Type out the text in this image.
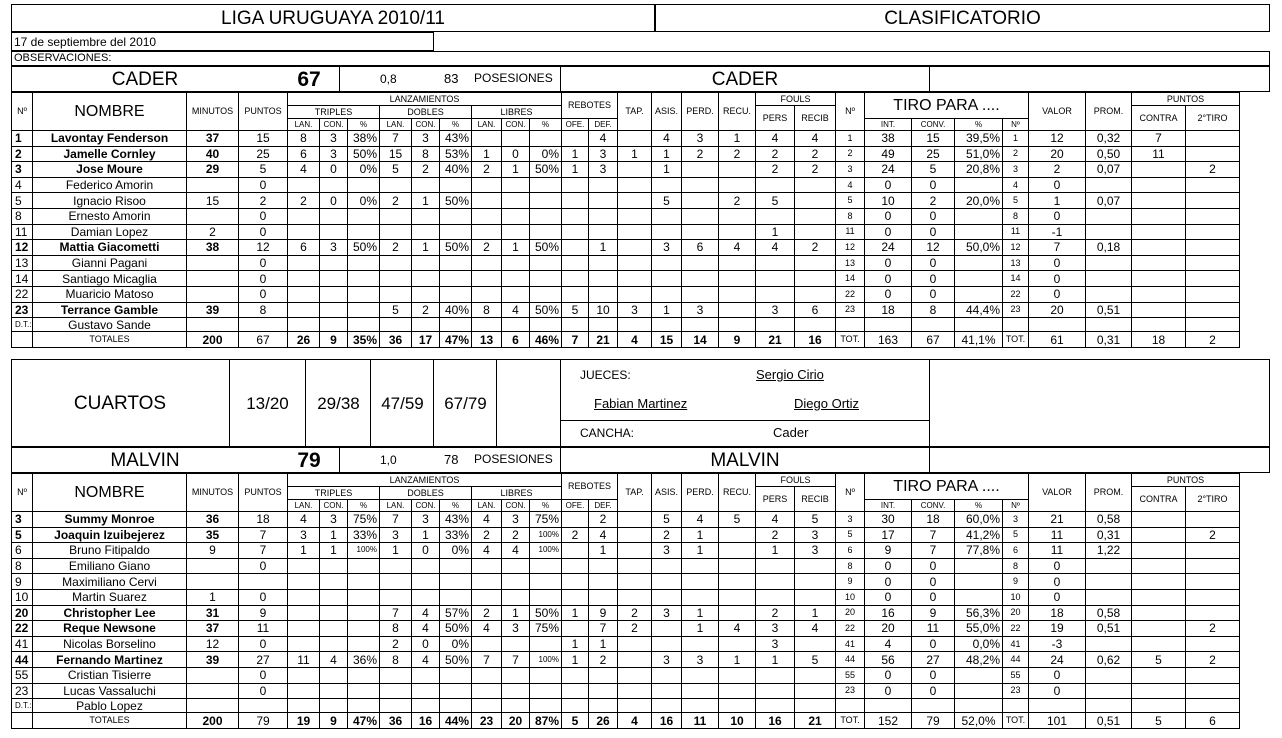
LIGA URUGUAYA 2010/11	CLASIFICATORIO
17 de septiembre del 2010
OBSERVACIONES:
CADER	67	0,8	83 POSESIONES	CADER
MALVIN	79	1,0	78 POSESIONES	MALVIN
CUARTOS	13/20	29/38	47/59	67/79
JUECES:	Sergio Cirio
Fabian Martinez	Diego Ortiz
CANCHA:	Cader
Nº	NOMBRE	MINUTOS	PUNTOS	LANZAMIENTOS									REBOTES		TAP.	ASIS.	PERD.	RECU.	FOULS		Nº	TIRO PARA ....				VALOR	PROM.	PUNTOS	
				TRIPLES			DOBLES			LIBRES									PERS	RECIB								CONTRA	2°TIRO
				LAN.	CON.	%	LAN.	CON.	%	LAN.	CON.	%	OFE.	DEF.								INT.	CONV.	%	Nº				
1	Lavontay Fenderson	37	15	8	3	38%	7	3	43%					4		4	3	1	4	4	1	38	15	39,5%	1	12	0,32	7	
2	Jamelle Cornley	40	25	6	3	50%	15	8	53%	1	0	0%	1	3	1	1	2	2	2	2	2	49	25	51,0%	2	20	0,50	11	
3	Jose Moure	29	5	4	0	0%	5	2	40%	2	1	50%	1	3		1			2	2	3	24	5	20,8%	3	2	0,07		2
4	Federico Amorin		0																		4	0	0		4	0			
5	Ignacio Risoo	15	2	2	0	0%	2	1	50%							5		2	5		5	10	2	20,0%	5	1	0,07		
8	Ernesto Amorin		0																		8	0	0		8	0			
11	Damian Lopez	2	0																1		11	0	0		11	-1			
12	Mattia Giacometti	38	12	6	3	50%	2	1	50%	2	1	50%		1		3	6	4	4	2	12	24	12	50,0%	12	7	0,18		
13	Gianni Pagani		0																		13	0	0		13	0			
14	Santiago Micaglia		0																		14	0	0		14	0			
22	Muaricio Matoso		0																		22	0	0		22	0			
23	Terrance Gamble	39	8				5	2	40%	8	4	50%	5	10	3	1	3		3	6	23	18	8	44,4%	23	20	0,51		
D.T.:	Gustavo Sande																												
	TOTALES	200	67	26	9	35%	36	17	47%	13	6	46%	7	21	4	15	14	9	21	16	TOT.	163	67	41,1%	TOT.	61	0,31	18	2
Nº	NOMBRE	MINUTOS	PUNTOS	LANZAMIENTOS									REBOTES		TAP.	ASIS.	PERD.	RECU.	FOULS		Nº	TIRO PARA ....				VALOR	PROM.	PUNTOS	
				TRIPLES			DOBLES			LIBRES									PERS	RECIB								CONTRA	2°TIRO
				LAN.	CON.	%	LAN.	CON.	%	LAN.	CON.	%	OFE.	DEF.								INT.	CONV.	%	Nº				
3	Summy Monroe	36	18	4	3	75%	7	3	43%	4	3	75%		2		5	4	5	4	5	3	30	18	60,0%	3	21	0,58		
5	Joaquin Izuibejerez	35	7	3	1	33%	3	1	33%	2	2	100%	2	4		2	1		2	3	5	17	7	41,2%	5	11	0,31		2
6	Bruno Fitipaldo	9	7	1	1	100%	1	0	0%	4	4	100%		1		3	1		1	3	6	9	7	77,8%	6	11	1,22		
8	Emiliano Giano		0																		8	0	0		8	0			
9	Maximiliano Cervi																				9	0	0		9	0			
10	Martin Suarez	1	0																		10	0	0		10	0			
20	Christopher Lee	31	9				7	4	57%	2	1	50%	1	9	2	3	1		2	1	20	16	9	56,3%	20	18	0,58		
22	Reque Newsone	37	11				8	4	50%	4	3	75%		7	2		1	4	3	4	22	20	11	55,0%	22	19	0,51		2
41	Nicolas Borselino	12	0				2	0	0%				1	1					3		41	4	0	0,0%	41	-3			
44	Fernando Martinez	39	27	11	4	36%	8	4	50%	7	7	100%	1	2		3	3	1	1	5	44	56	27	48,2%	44	24	0,62	5	2
55	Cristian Tisierre		0																		55	0	0		55	0			
23	Lucas Vassaluchi		0																		23	0	0		23	0			
D.T.:	Pablo Lopez																												
	TOTALES	200	79	19	9	47%	36	16	44%	23	20	87%	5	26	4	16	11	10	16	21	TOT.	152	79	52,0%	TOT.	101	0,51	5	6
